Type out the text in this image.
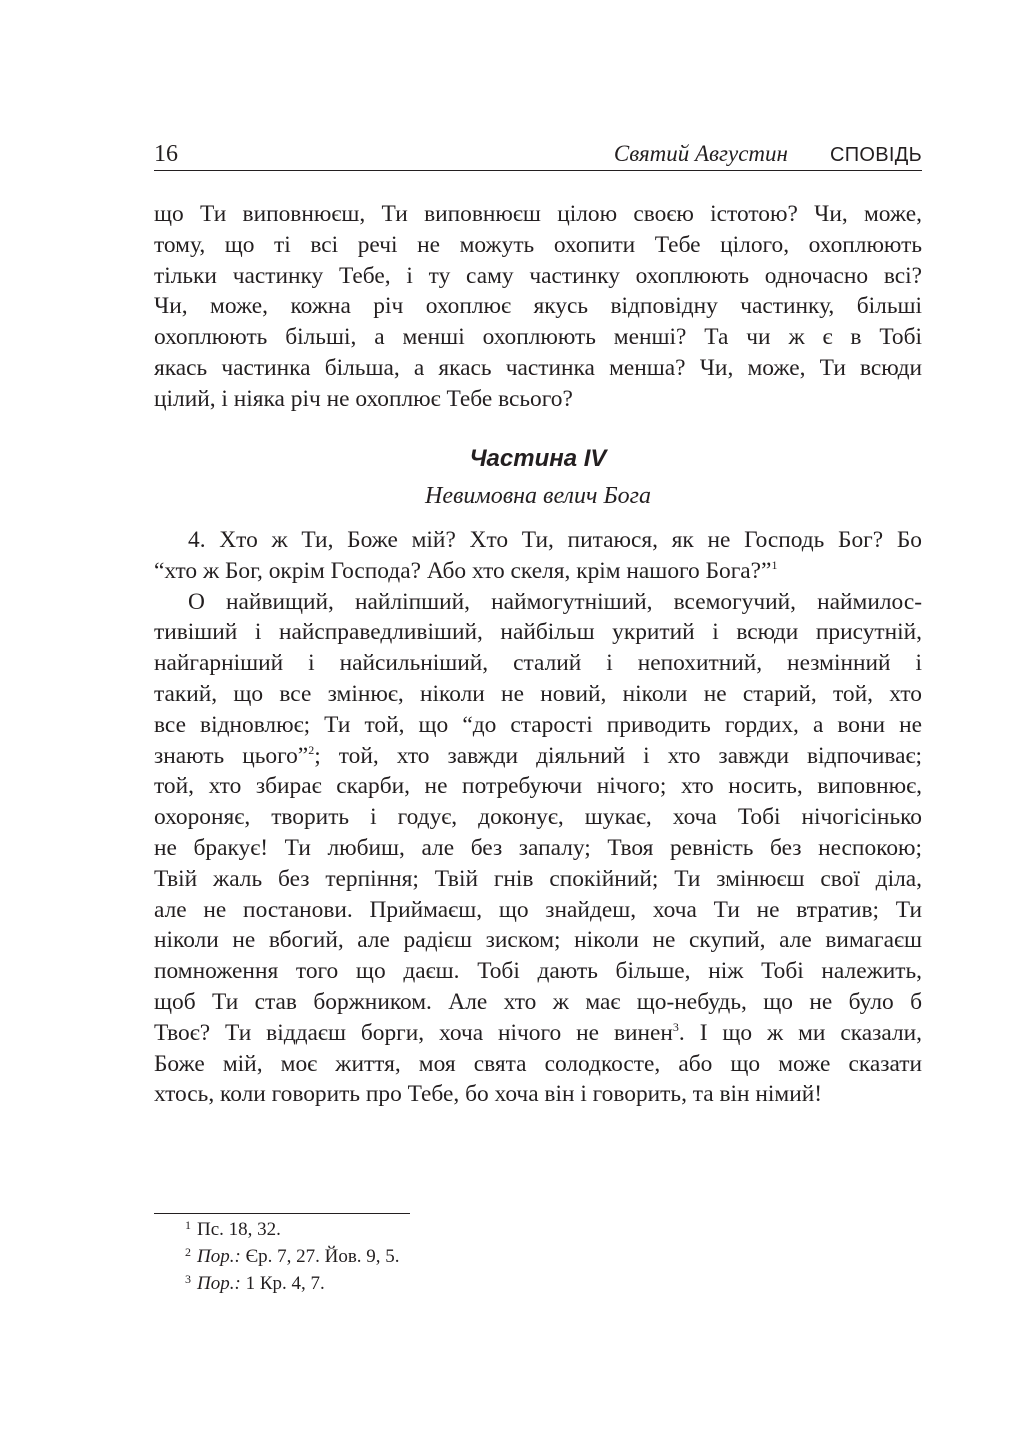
16	Святий Августин СПОВІДЬ
що Ти виповнюєш, Ти виповнюєш цілою своєю істотою? Чи, може,
тому, що ті всі речі не можуть охопити Тебе цілого, охоплюють
тільки частинку Тебе, і ту саму частинку охоплюють одночасно всі?
Чи, може, кожна річ охоплює якусь відповідну частинку, більші
охоплюють більші, а менші охоплюють менші? Та чи ж є в Тобі
якась частинка більша, а якась частинка менша? Чи, може, Ти всюди
цілий, і ніяка річ не охоплює Тебе всього?
Частина IV
Невимовна велич Бога
4. Хто ж Ти, Боже мій? Хто Ти, питаюся, як не Господь Бог? Бо
“хто ж Бог, окрім Господа? Або хто скеля, крім нашого Бога?”$^1$
О найвищий, найліпший, наймогутніший, всемогучий, наймилос-
тивіший і найсправедливіший, найбільш укритий і всюди присутній,
найгарніший і найсильніший, сталий і непохитний, незмінний і
такий, що все змінює, ніколи не новий, ніколи не старий, той, хто
все відновлює; Ти той, що “до старості приводить гордих, а вони не
знають цього”$^2$; той, хто завжди діяльний і хто завжди відпочиває;
той, хто збирає скарби, не потребуючи нічого; хто носить, виповнює,
охороняє, творить і годує, доконує, шукає, хоча Тобі нічогісінько
не бракує! Ти любиш, але без запалу; Твоя ревність без неспокою;
Твій жаль без терпіння; Твій гнів спокійний; Ти змінюєш свої діла,
але не постанови. Приймаєш, що знайдеш, хоча Ти не втратив; Ти
ніколи не вбогий, але радієш зиском; ніколи не скупий, але вимагаєш
помноження того що даєш. Тобі дають більше, ніж Тобі належить,
щоб Ти став боржником. Але хто ж має що-небудь, що не було б
Твоє? Ти віддаєш борги, хоча нічого не винен$^3$. І що ж ми сказали,
Боже мій, моє життя, моя свята солодкосте, або що може сказати
хтось, коли говорить про Тебе, бо хоча він і говорить, та він німий!
$^1$ Пс. 18, 32.
$^2$ Пор.: Єр. 7, 27. Йов. 9, 5.
$^3$ Пор.: 1 Кр. 4, 7.
